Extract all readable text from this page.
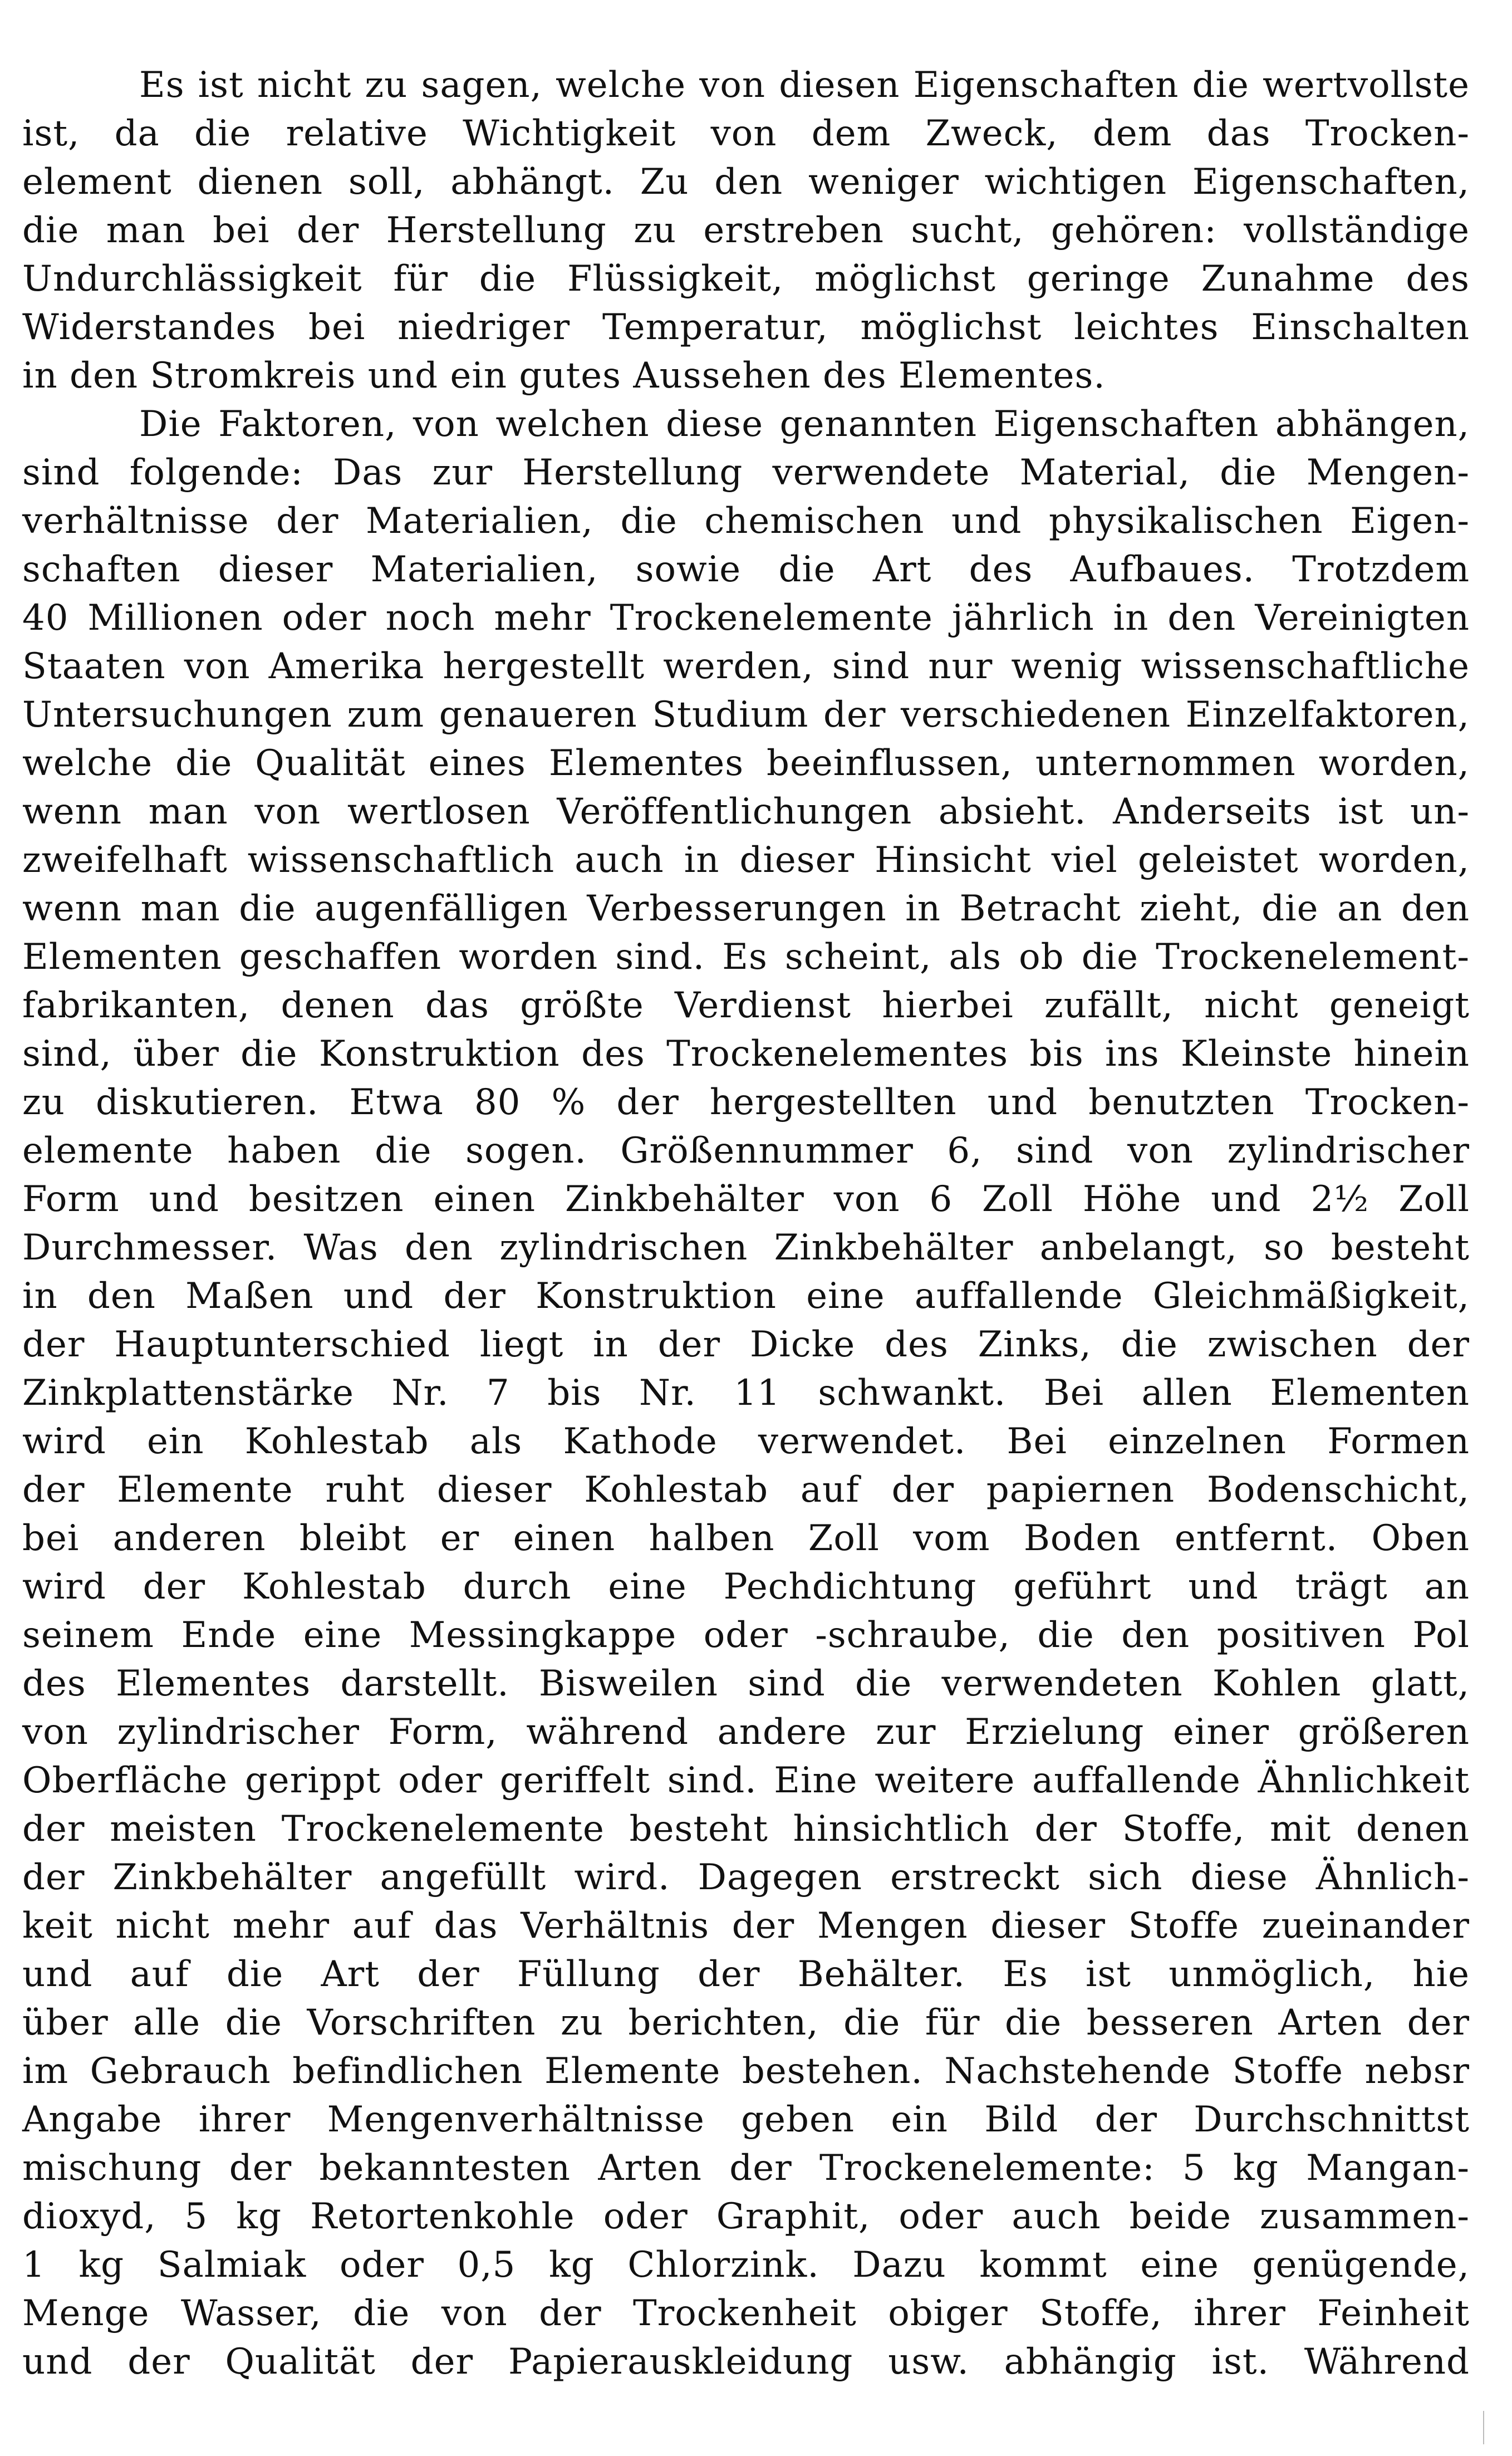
Es ist nicht zu sagen, welche von diesen Eigenschaften die wertvollste
ist, da die relative Wichtigkeit von dem Zweck, dem das Trocken-
element dienen soll, abhängt. Zu den weniger wichtigen Eigenschaften,
die man bei der Herstellung zu erstreben sucht, gehören: vollständige
Undurchlässigkeit für die Flüssigkeit, möglichst geringe Zunahme des
Widerstandes bei niedriger Temperatur, möglichst leichtes Einschalten
in den Stromkreis und ein gutes Aussehen des Elementes.
Die Faktoren, von welchen diese genannten Eigenschaften abhängen,
sind folgende: Das zur Herstellung verwendete Material, die Mengen-
verhältnisse der Materialien, die chemischen und physikalischen Eigen-
schaften dieser Materialien, sowie die Art des Aufbaues. Trotzdem
40 Millionen oder noch mehr Trockenelemente jährlich in den Vereinigten
Staaten von Amerika hergestellt werden, sind nur wenig wissenschaftliche
Untersuchungen zum genaueren Studium der verschiedenen Einzelfaktoren,
welche die Qualität eines Elementes beeinflussen, unternommen worden,
wenn man von wertlosen Veröffentlichungen absieht. Anderseits ist un-
zweifelhaft wissenschaftlich auch in dieser Hinsicht viel geleistet worden,
wenn man die augenfälligen Verbesserungen in Betracht zieht, die an den
Elementen geschaffen worden sind. Es scheint, als ob die Trockenelement-
fabrikanten, denen das größte Verdienst hierbei zufällt, nicht geneigt
sind, über die Konstruktion des Trockenelementes bis ins Kleinste hinein
zu diskutieren. Etwa 80 % der hergestellten und benutzten Trocken-
elemente haben die sogen. Größennummer 6, sind von zylindrischer
Form und besitzen einen Zinkbehälter von 6 Zoll Höhe und 2½ Zoll
Durchmesser. Was den zylindrischen Zinkbehälter anbelangt, so besteht
in den Maßen und der Konstruktion eine auffallende Gleichmäßigkeit,
der Hauptunterschied liegt in der Dicke des Zinks, die zwischen der
Zinkplattenstärke Nr. 7 bis Nr. 11 schwankt. Bei allen Elementen
wird ein Kohlestab als Kathode verwendet. Bei einzelnen Formen
der Elemente ruht dieser Kohlestab auf der papiernen Bodenschicht,
bei anderen bleibt er einen halben Zoll vom Boden entfernt. Oben
wird der Kohlestab durch eine Pechdichtung geführt und trägt an
seinem Ende eine Messingkappe oder -schraube, die den positiven Pol
des Elementes darstellt. Bisweilen sind die verwendeten Kohlen glatt,
von zylindrischer Form, während andere zur Erzielung einer größeren
Oberfläche gerippt oder geriffelt sind. Eine weitere auffallende Ähnlichkeit
der meisten Trockenelemente besteht hinsichtlich der Stoffe, mit denen
der Zinkbehälter angefüllt wird. Dagegen erstreckt sich diese Ähnlich-
keit nicht mehr auf das Verhältnis der Mengen dieser Stoffe zueinander
und auf die Art der Füllung der Behälter. Es ist unmöglich, hie
über alle die Vorschriften zu berichten, die für die besseren Arten der
im Gebrauch befindlichen Elemente bestehen. Nachstehende Stoffe nebsr
Angabe ihrer Mengenverhältnisse geben ein Bild der Durchschnittst
mischung der bekanntesten Arten der Trockenelemente: 5 kg Mangan-
dioxyd, 5 kg Retortenkohle oder Graphit, oder auch beide zusammen-
1 kg Salmiak oder 0,5 kg Chlorzink. Dazu kommt eine genügende,
Menge Wasser, die von der Trockenheit obiger Stoffe, ihrer Feinheit
und der Qualität der Papierauskleidung usw. abhängig ist. Während
